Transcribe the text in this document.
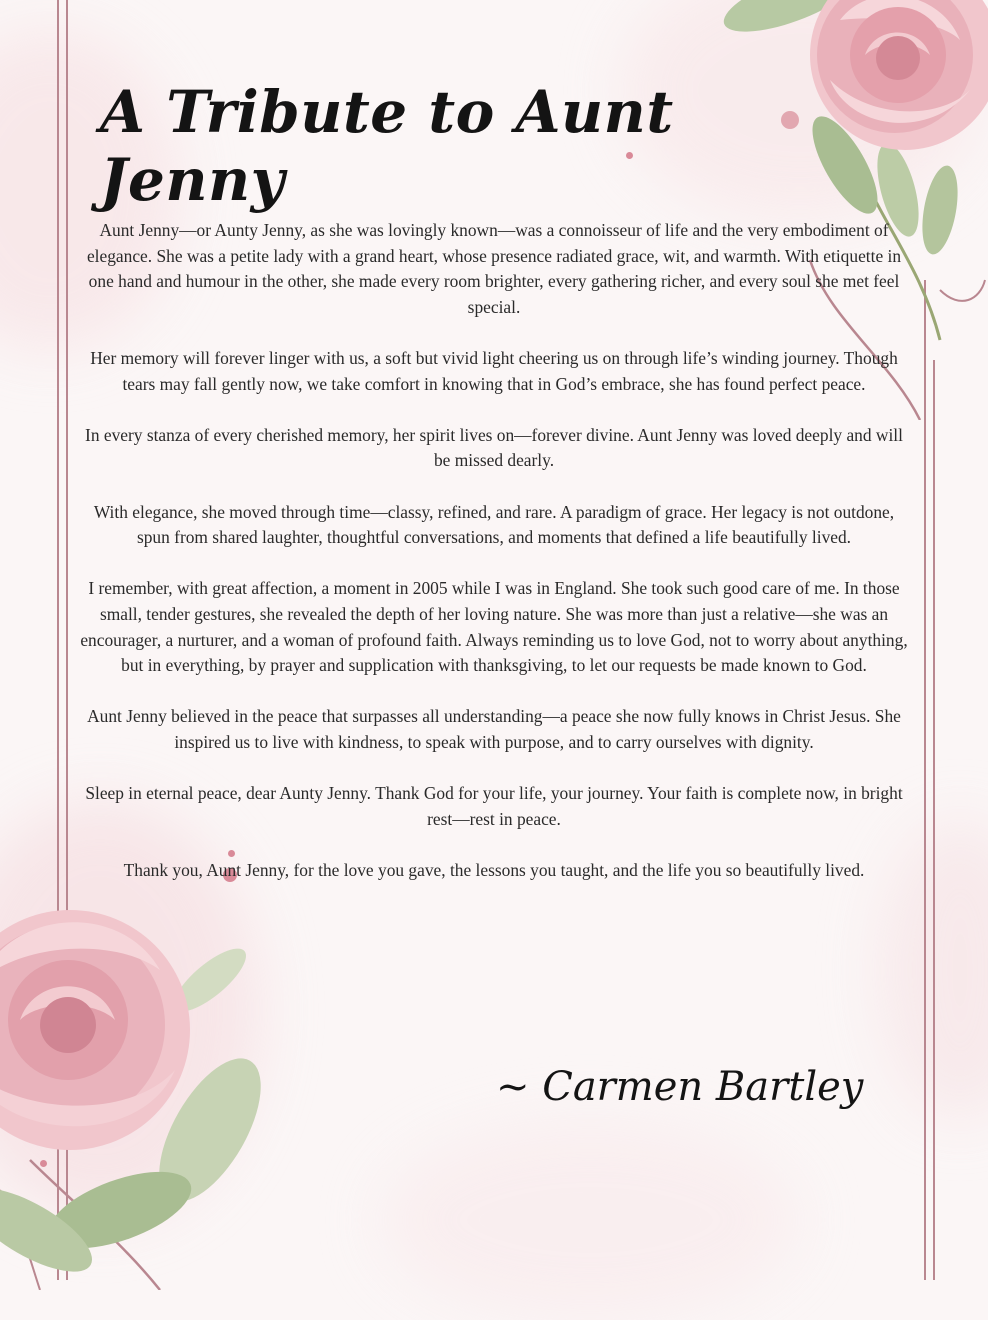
A Tribute to Aunt Jenny

Aunt Jenny—or Aunty Jenny, as she was lovingly known—was a connoisseur of life and the very embodiment of elegance. She was a petite lady with a grand heart, whose presence radiated grace, wit, and warmth. With etiquette in one hand and humour in the other, she made every room brighter, every gathering richer, and every soul she met feel special.

Her memory will forever linger with us, a soft but vivid light cheering us on through life’s winding journey. Though tears may fall gently now, we take comfort in knowing that in God’s embrace, she has found perfect peace.

In every stanza of every cherished memory, her spirit lives on—forever divine. Aunt Jenny was loved deeply and will be missed dearly.

With elegance, she moved through time—classy, refined, and rare. A paradigm of grace. Her legacy is not outdone, spun from shared laughter, thoughtful conversations, and moments that defined a life beautifully lived.

I remember, with great affection, a moment in 2005 while I was in England. She took such good care of me. In those small, tender gestures, she revealed the depth of her loving nature. She was more than just a relative—she was an encourager, a nurturer, and a woman of profound faith. Always reminding us to love God, not to worry about anything, but in everything, by prayer and supplication with thanksgiving, to let our requests be made known to God.

Aunt Jenny believed in the peace that surpasses all understanding—a peace she now fully knows in Christ Jesus. She inspired us to live with kindness, to speak with purpose, and to carry ourselves with dignity.

Sleep in eternal peace, dear Aunty Jenny. Thank God for your life, your journey. Your faith is complete now, in bright rest—rest in peace.

Thank you, Aunt Jenny, for the love you gave, the lessons you taught, and the life you so beautifully lived.

~ Carmen Bartley
